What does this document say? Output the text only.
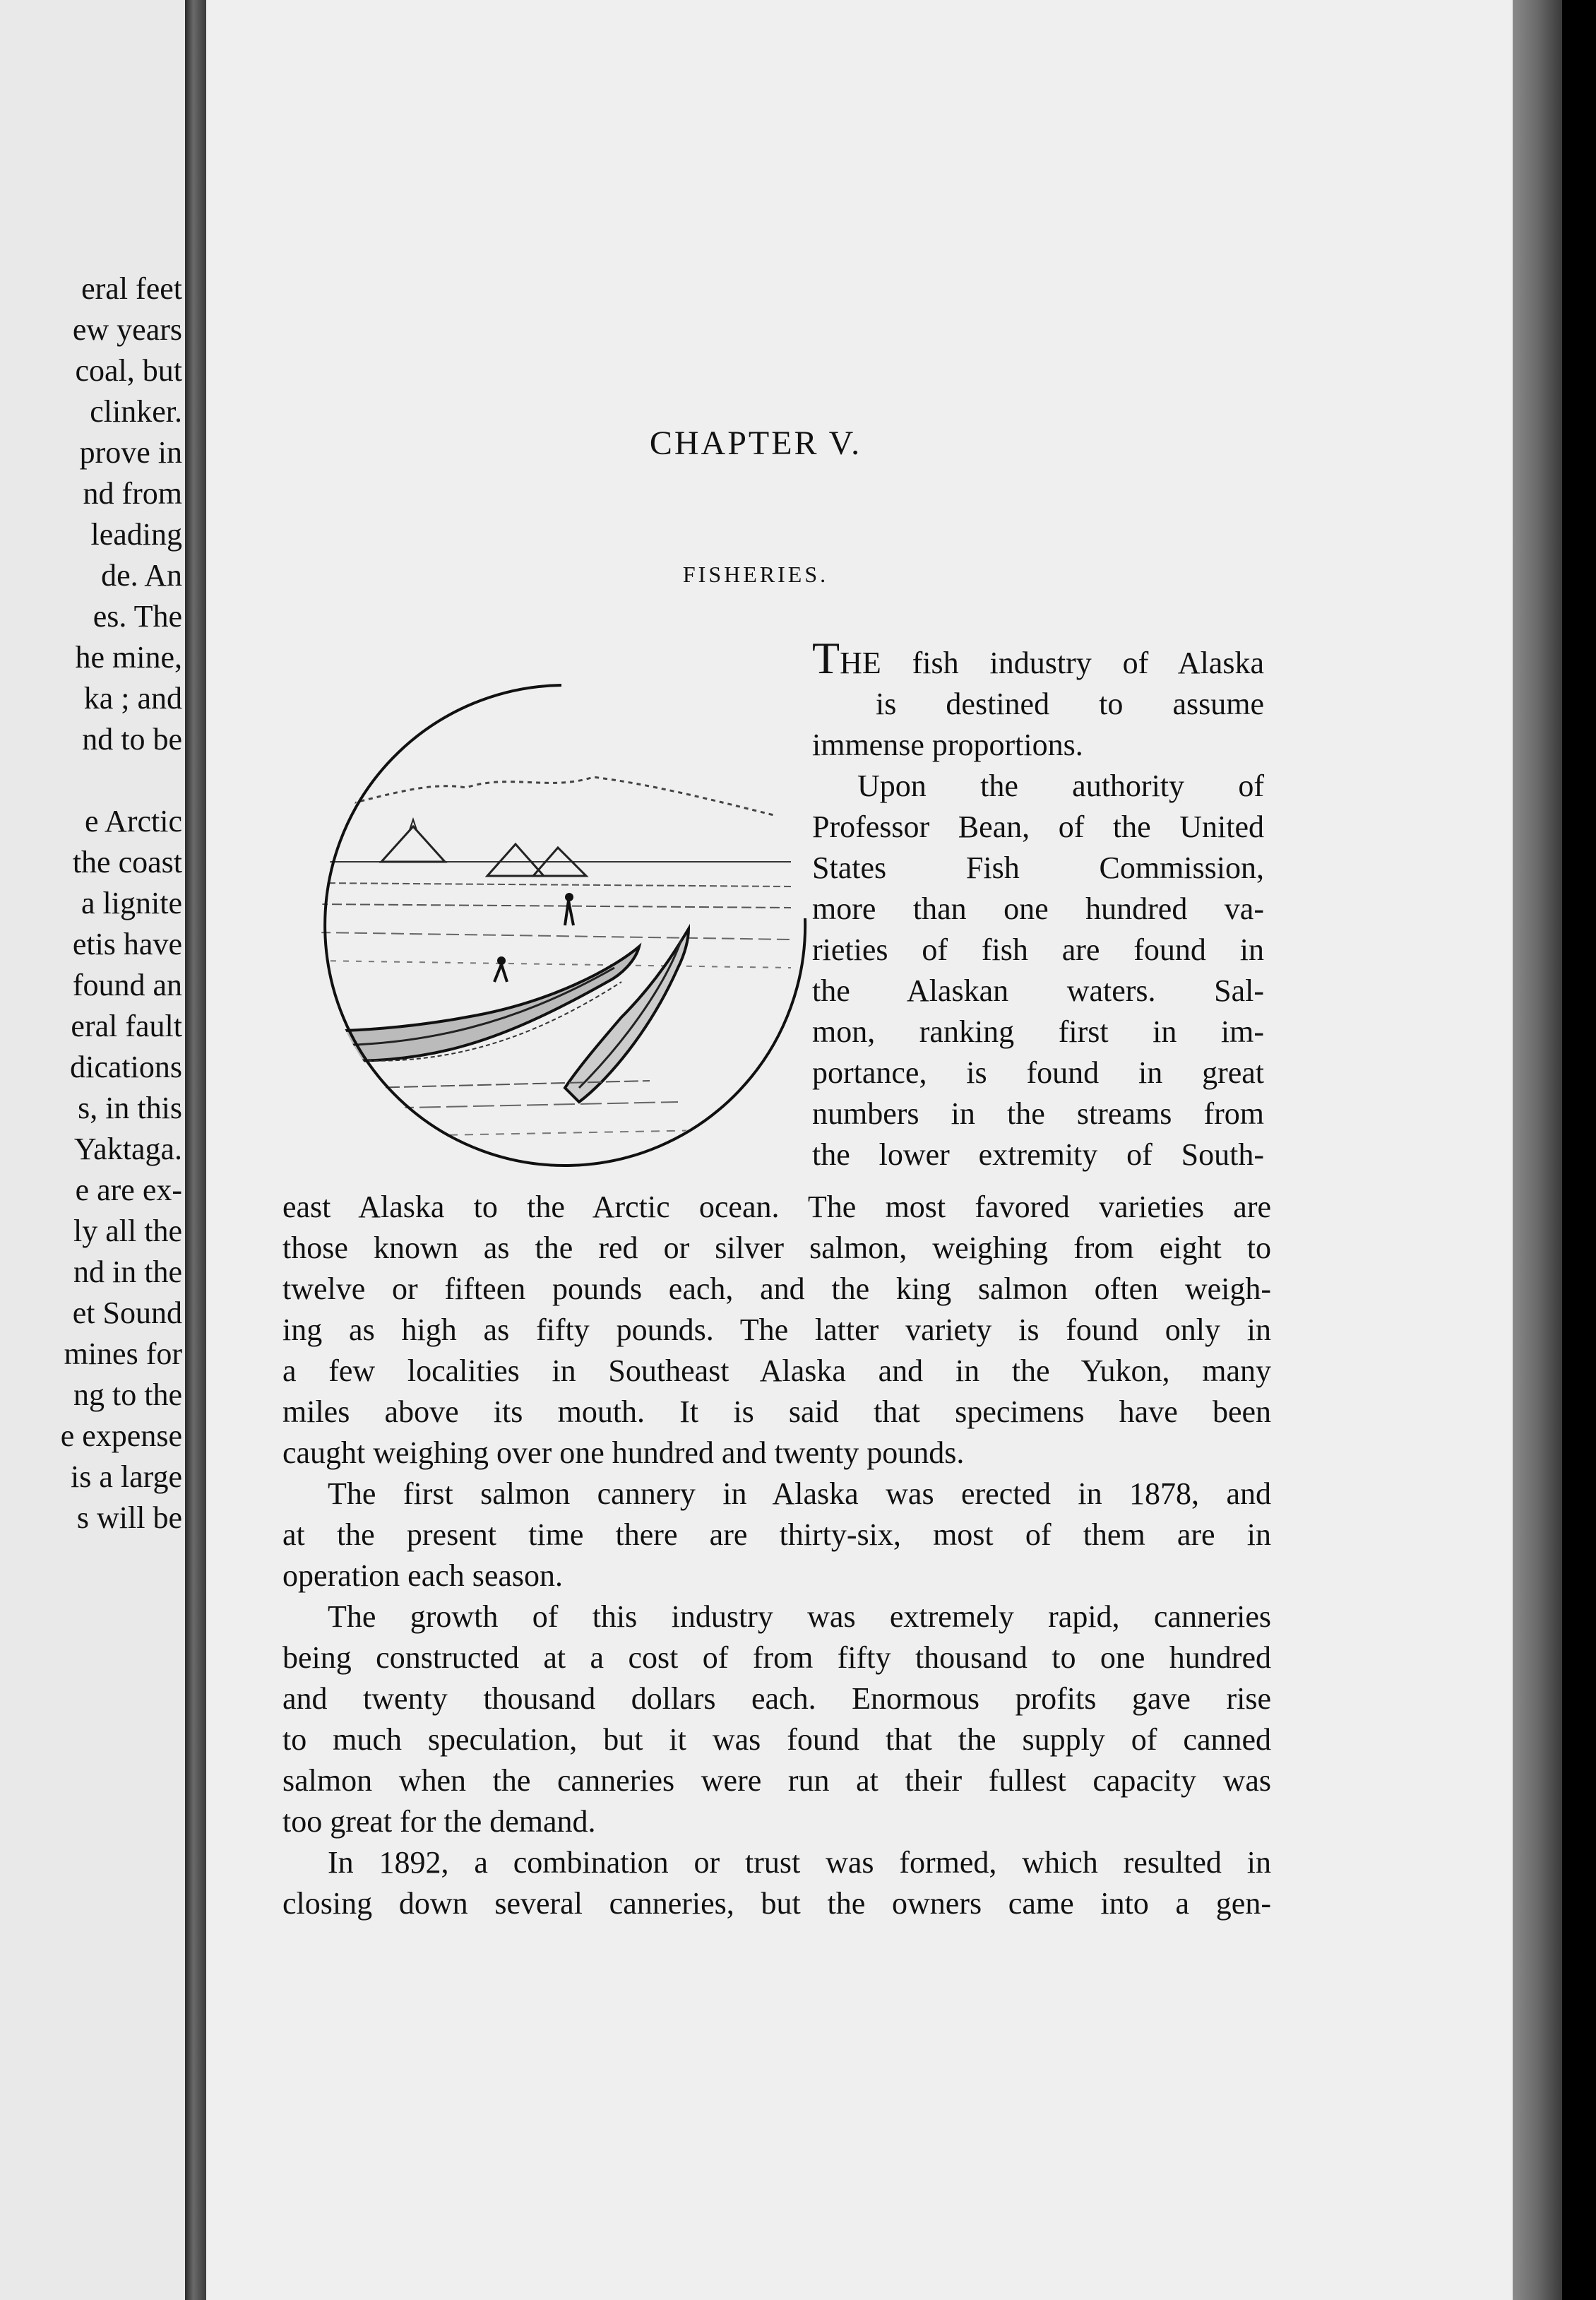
eral feet
ew years
coal, but
clinker.
prove in
nd from
leading
de. An
es. The
he mine,
ka ; and
nd to be
e Arctic
the coast
a lignite
etis have
found an
eral fault
dications
s, in this
Yaktaga.
e are ex-
ly all the
nd in the
et Sound
mines for
ng to the
e expense
is a large
s will be
CHAPTER V.
FISHERIES.
THE fish industry of Alaska
is destined to assume
immense proportions.
Upon the authority of
Professor Bean, of the United
States Fish Commission,
more than one hundred va-
rieties of fish are found in
the Alaskan waters. Sal-
mon, ranking first in im-
portance, is found in great
numbers in the streams from
the lower extremity of South-
east Alaska to the Arctic ocean. The most favored varieties are
those known as the red or silver salmon, weighing from eight to
twelve or fifteen pounds each, and the king salmon often weigh-
ing as high as fifty pounds. The latter variety is found only in
a few localities in Southeast Alaska and in the Yukon, many
miles above its mouth. It is said that specimens have been
caught weighing over one hundred and twenty pounds.
The first salmon cannery in Alaska was erected in 1878, and
at the present time there are thirty-six, most of them are in
operation each season.
The growth of this industry was extremely rapid, canneries
being constructed at a cost of from fifty thousand to one hundred
and twenty thousand dollars each. Enormous profits gave rise
to much speculation, but it was found that the supply of canned
salmon when the canneries were run at their fullest capacity was
too great for the demand.
In 1892, a combination or trust was formed, which resulted in
closing down several canneries, but the owners came into a gen-
